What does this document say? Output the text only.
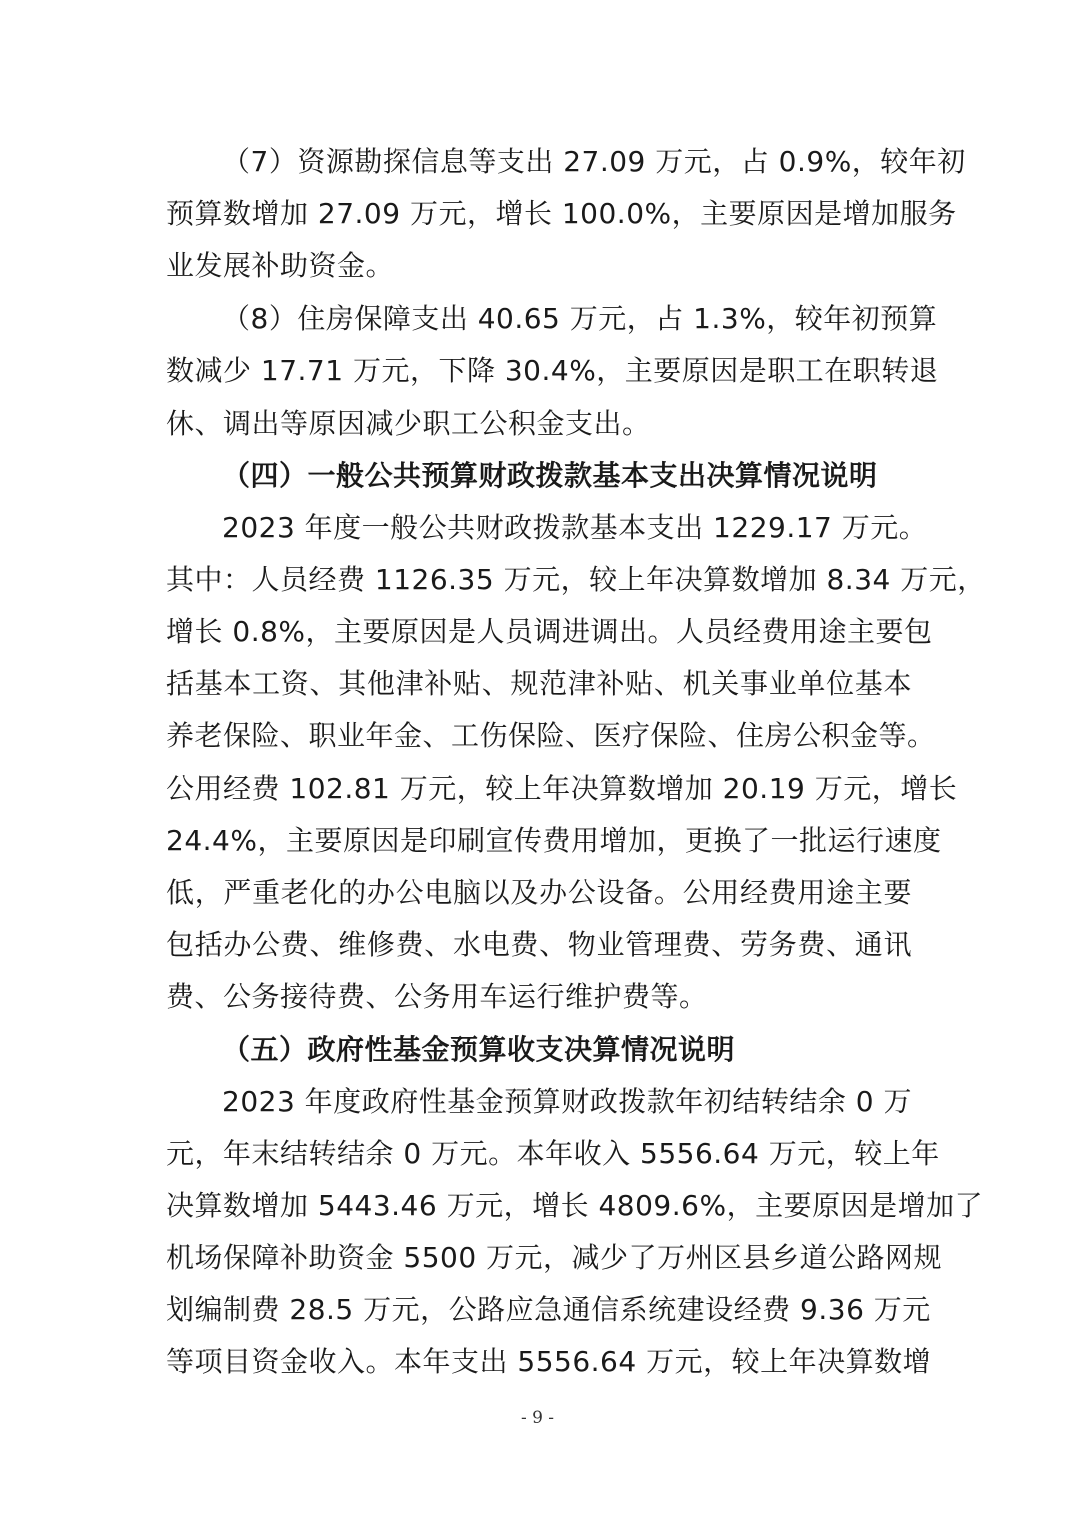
（7）资源勘探信息等支出 27.09 万元，占 0.9%，较年初
预算数增加 27.09 万元，增长 100.0%，主要原因是增加服务
业发展补助资金。
（8）住房保障支出 40.65 万元，占 1.3%，较年初预算
数减少 17.71 万元，下降 30.4%，主要原因是职工在职转退
休、调出等原因减少职工公积金支出。
（四）一般公共预算财政拨款基本支出决算情况说明
2023 年度一般公共财政拨款基本支出 1229.17 万元。
其中：人员经费 1126.35 万元，较上年决算数增加 8.34 万元，
增长 0.8%，主要原因是人员调进调出。人员经费用途主要包
括基本工资、其他津补贴、规范津补贴、机关事业单位基本
养老保险、职业年金、工伤保险、医疗保险、住房公积金等。
公用经费 102.81 万元，较上年决算数增加 20.19 万元，增长
24.4%，主要原因是印刷宣传费用增加，更换了一批运行速度
低，严重老化的办公电脑以及办公设备。公用经费用途主要
包括办公费、维修费、水电费、物业管理费、劳务费、通讯
费、公务接待费、公务用车运行维护费等。
（五）政府性基金预算收支决算情况说明
2023 年度政府性基金预算财政拨款年初结转结余 0 万
元，年末结转结余 0 万元。本年收入 5556.64 万元，较上年
决算数增加 5443.46 万元，增长 4809.6%，主要原因是增加了
机场保障补助资金 5500 万元，减少了万州区县乡道公路网规
划编制费 28.5 万元，公路应急通信系统建设经费 9.36 万元
等项目资金收入。本年支出 5556.64 万元，较上年决算数增
- 9 -
